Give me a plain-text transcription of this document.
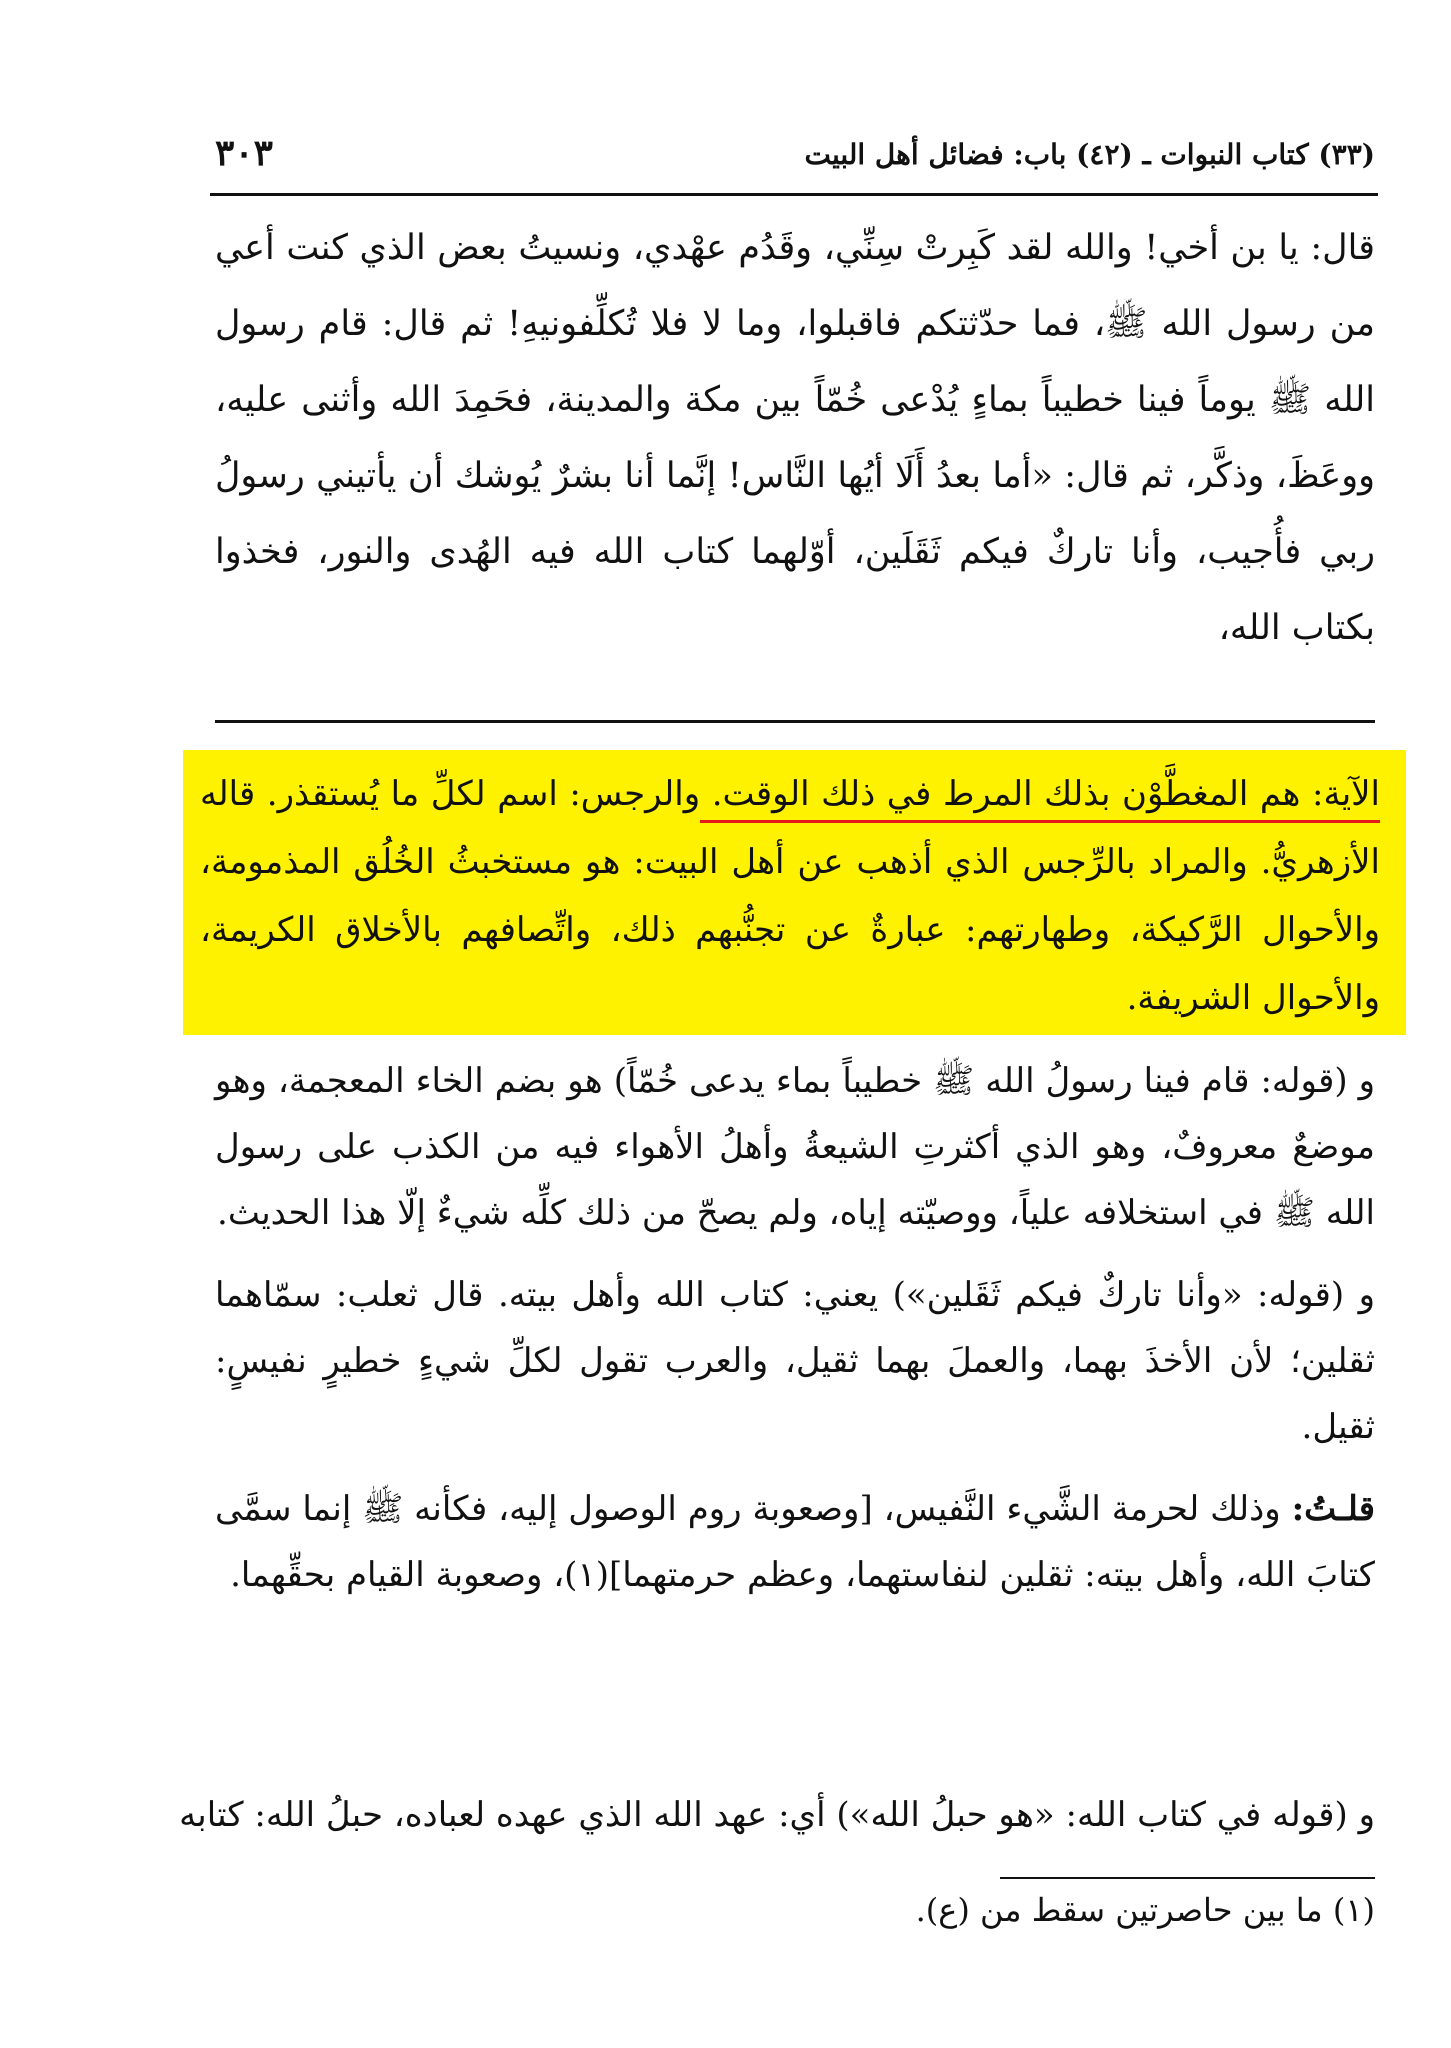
(٣٣) كتاب النبوات ـ (٤٢) باب: فضائل أهل البيت
٣٠٣

قال: يا بن أخي! والله لقد كَبِرتْ سِنِّي، وقَدُم عهْدي، ونسيتُ بعض الذي كنت أعي من رسول الله ﷺ، فما حدّثتكم فاقبلوا، وما لا فلا تُكلِّفونيهِ! ثم قال: قام رسول الله ﷺ يوماً فينا خطيباً بماءٍ يُدْعى خُمّاً بين مكة والمدينة، فحَمِدَ الله وأثنى عليه، ووعَظَ، وذكَّر، ثم قال: «أما بعدُ أَلَا أيُها النَّاس! إنَّما أنا بشرٌ يُوشك أن يأتيني رسولُ ربي فأُجيب، وأنا تاركٌ فيكم ثَقَلَين، أوّلهما كتاب الله فيه الهُدى والنور، فخذوا بكتاب الله،

الآية: هم المغطَّوْن بذلك المرط في ذلك الوقت. والرجس: اسم لكلِّ ما يُستقذر. قاله الأزهريُّ. والمراد بالرِّجس الذي أذهب عن أهل البيت: هو مستخبثُ الخُلُق المذمومة، والأحوال الرَّكيكة، وطهارتهم: عبارةٌ عن تجنُّبهم ذلك، واتِّصافهم بالأخلاق الكريمة، والأحوال الشريفة.

و (قوله: قام فينا رسولُ الله ﷺ خطيباً بماء يدعى خُمّاً) هو بضم الخاء المعجمة، وهو موضعٌ معروفٌ، وهو الذي أكثرتِ الشيعةُ وأهلُ الأهواء فيه من الكذب على رسول الله ﷺ في استخلافه علياً، ووصيّته إياه، ولم يصحّ من ذلك كلِّه شيءٌ إلّا هذا الحديث.

و (قوله: «وأنا تاركٌ فيكم ثَقَلين») يعني: كتاب الله وأهل بيته. قال ثعلب: سمّاهما ثقلين؛ لأن الأخذَ بهما، والعملَ بهما ثقيل، والعرب تقول لكلِّ شيءٍ خطيرٍ نفيسٍ: ثقيل.

قلـتُ: وذلك لحرمة الشَّيء النَّفيس، [وصعوبة روم الوصول إليه، فكأنه ﷺ إنما سمَّى كتابَ الله، وأهل بيته: ثقلين لنفاستهما، وعظم حرمتهما](١)، وصعوبة القيام بحقِّهما.

و (قوله في كتاب الله: «هو حبلُ الله») أي: عهد الله الذي عهده لعباده، حبلُ الله: كتابه

(١) ما بين حاصرتين سقط من (ع).
